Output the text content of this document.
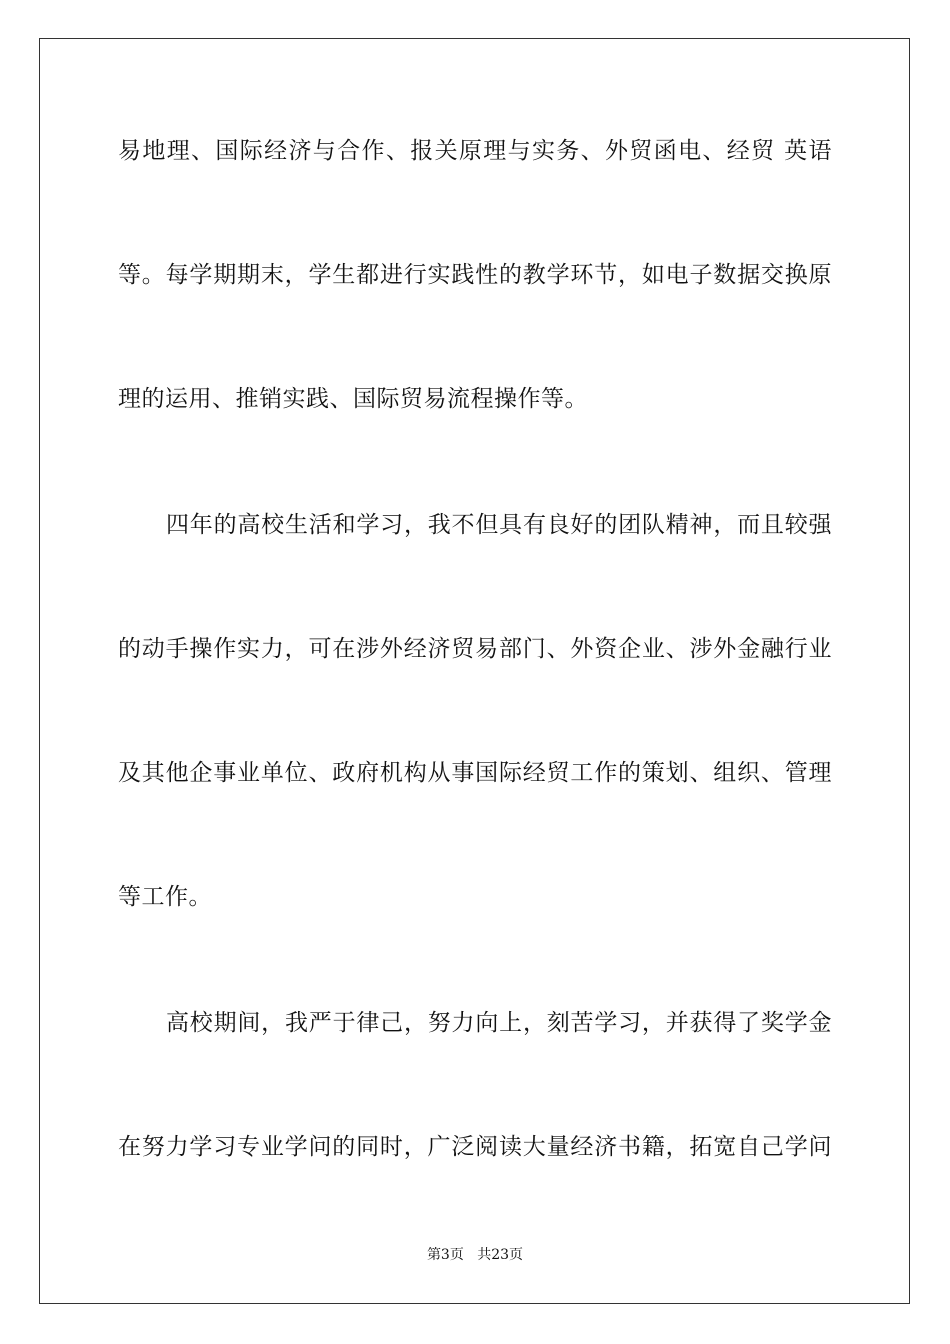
易地理、国际经济与合作、报关原理与实务、外贸函电、经贸 英语
等。每学期期末，学生都进行实践性的教学环节，如电子数据交换原
理的运用、推销实践、国际贸易流程操作等。
四年的高校生活和学习，我不但具有良好的团队精神，而且较强
的动手操作实力，可在涉外经济贸易部门、外资企业、涉外金融行业
及其他企事业单位、政府机构从事国际经贸工作的策划、组织、管理
等工作。
高校期间，我严于律己，努力向上，刻苦学习，并获得了奖学金
在努力学习专业学问的同时，广泛阅读大量经济书籍，拓宽自己学问
第3页 共23页
